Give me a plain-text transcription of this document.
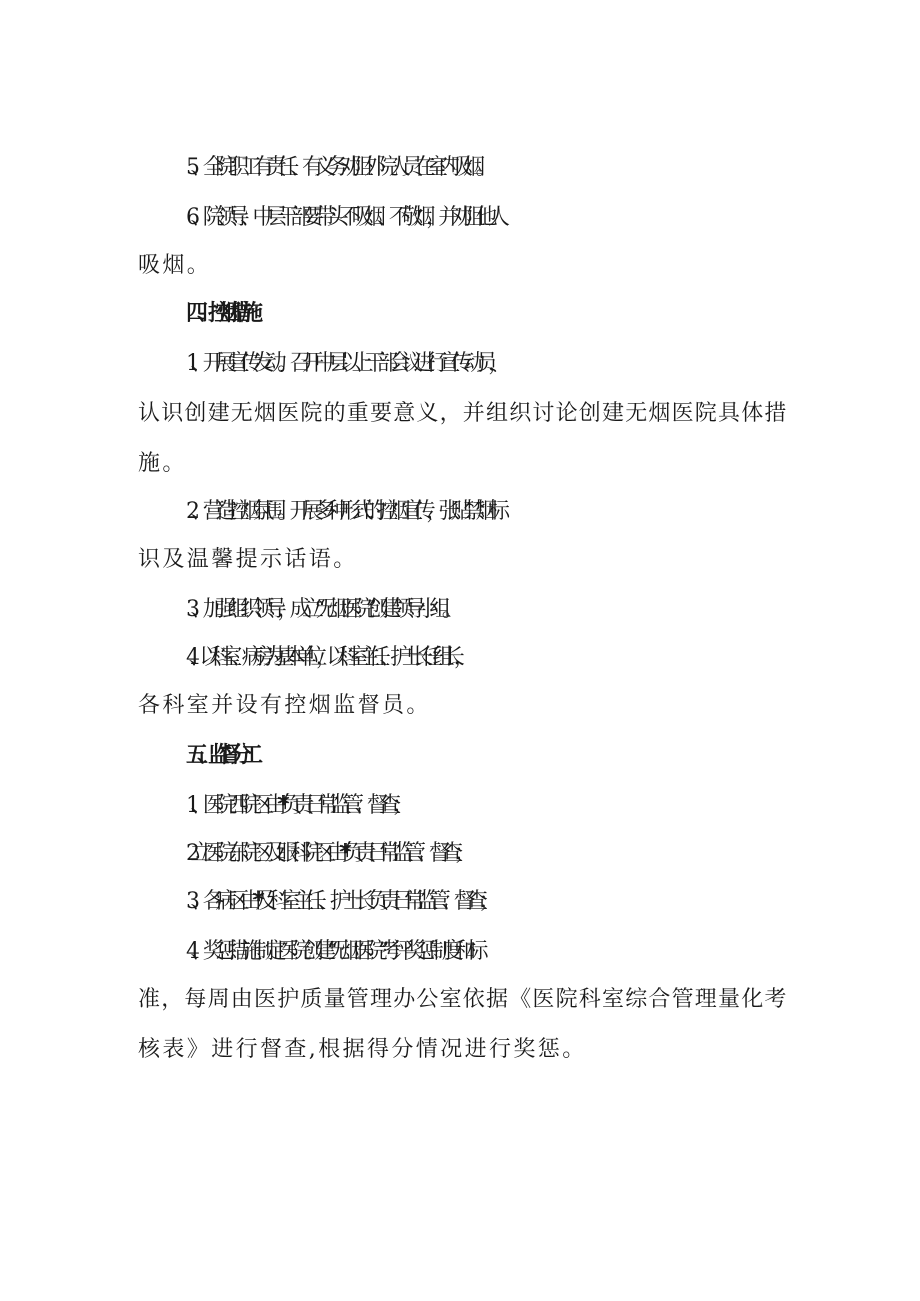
5、全院职工有责任、有义务劝阻外院人员在室内吸烟。
6、院领导、中层干部要带头不吸烟、不敬烟，并劝阻他人
吸烟。
四、控烟措施
1、开展宣传发动。召开中层以上干部会议进行宣传动员，
认识创建无烟医院的重要意义，并组织讨论创建无烟医院具体措
施。
2、营造控烟氛围。开展多种形式的控烟宣传，张贴禁烟标
识及温馨提示话语。
3、加强组织领导，成立“无烟医院”创建领导小组。
4、以科室、病房为基本单位，以科室主任、护士长任组长，
各科室并设有控烟监督员。
五、监督分工
1、医院西院区由**负责日常监管、督查；
2立医院东院区及眼科院区由**负责日常监管、督查；
3、各病区由**及科室主任、护士长负责日常监管、督查；
4、奖惩措施制定医院创建“无烟医院”考评奖惩制度和标
准，每周由医护质量管理办公室依据《医院科室综合管理量化考
核表》进行督查,根据得分情况进行奖惩。
